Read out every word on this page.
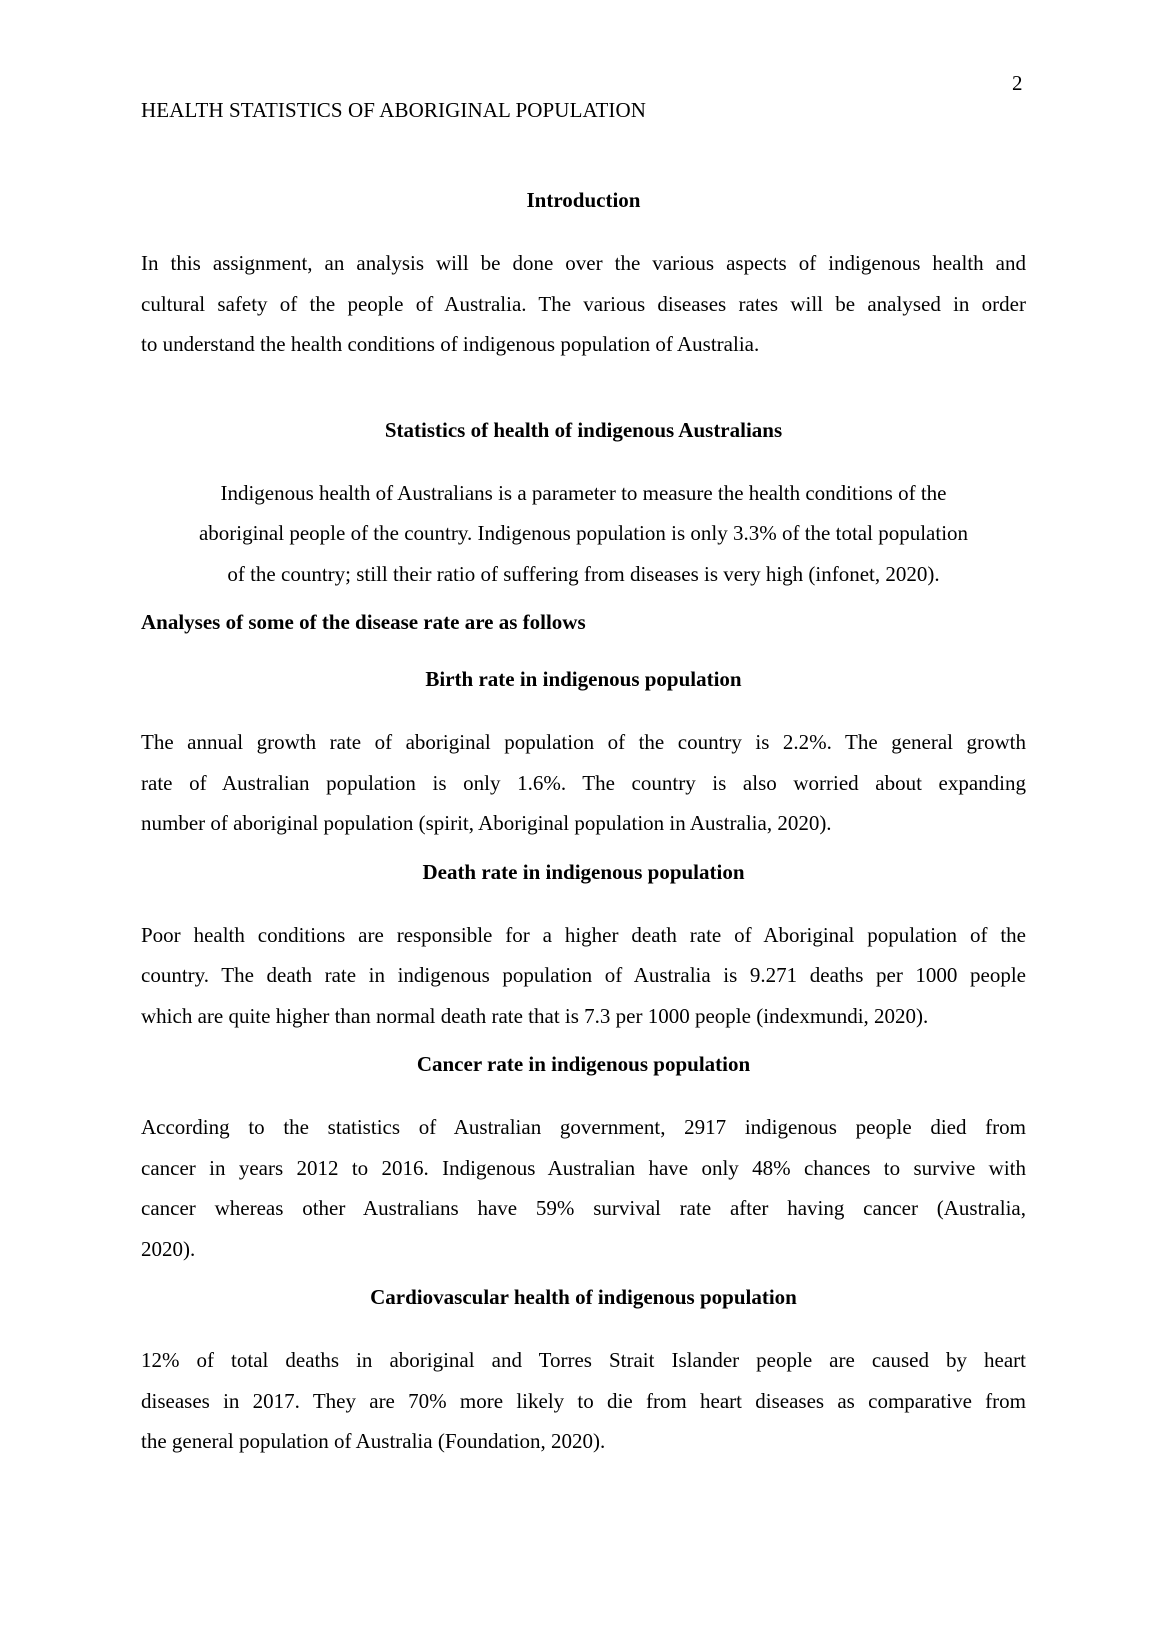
2
HEALTH STATISTICS OF ABORIGINAL POPULATION
Introduction
In this assignment, an analysis will be done over the various aspects of indigenous health and
cultural safety of the people of Australia. The various diseases rates will be analysed in order
to understand the health conditions of indigenous population of Australia.
Statistics of health of indigenous Australians
Indigenous health of Australians is a parameter to measure the health conditions of the
aboriginal people of the country. Indigenous population is only 3.3% of the total population
of the country; still their ratio of suffering from diseases is very high (infonet, 2020).
Analyses of some of the disease rate are as follows
Birth rate in indigenous population
The annual growth rate of aboriginal population of the country is 2.2%. The general growth
rate of Australian population is only 1.6%. The country is also worried about expanding
number of aboriginal population (spirit, Aboriginal population in Australia, 2020).
Death rate in indigenous population
Poor health conditions are responsible for a higher death rate of Aboriginal population of the
country. The death rate in indigenous population of Australia is 9.271 deaths per 1000 people
which are quite higher than normal death rate that is 7.3 per 1000 people (indexmundi, 2020).
Cancer rate in indigenous population
According to the statistics of Australian government, 2917 indigenous people died from
cancer in years 2012 to 2016. Indigenous Australian have only 48% chances to survive with
cancer whereas other Australians have 59% survival rate after having cancer (Australia,
2020).
Cardiovascular health of indigenous population
12% of total deaths in aboriginal and Torres Strait Islander people are caused by heart
diseases in 2017. They are 70% more likely to die from heart diseases as comparative from
the general population of Australia (Foundation, 2020).
